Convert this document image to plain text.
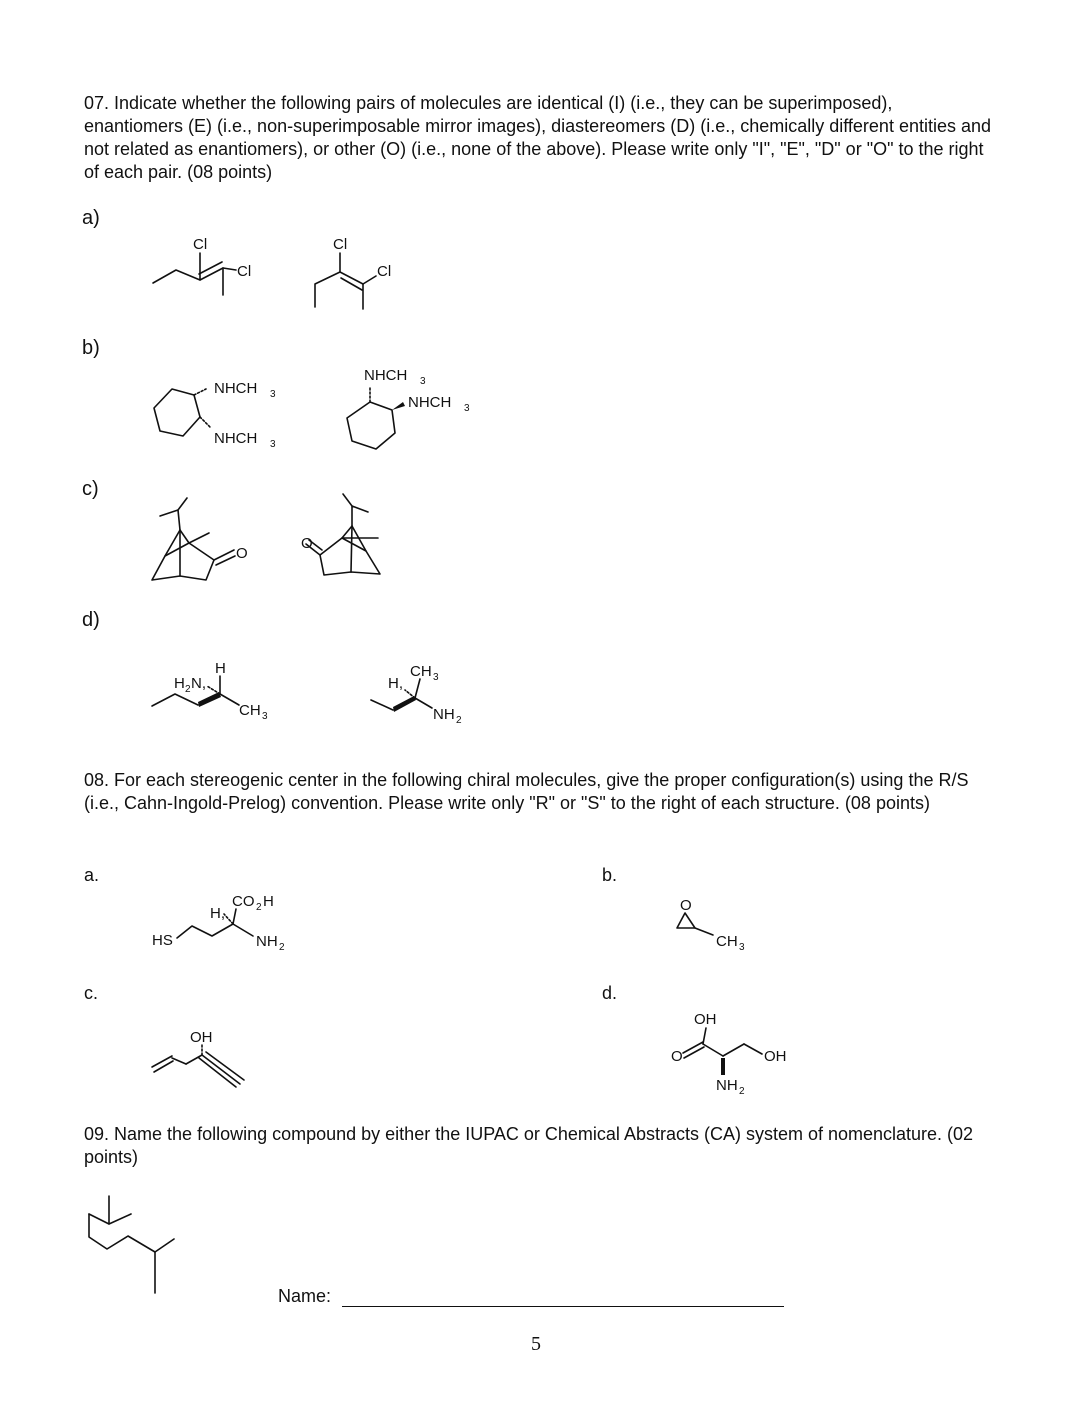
07. Indicate whether the following pairs of molecules are identical (I) (i.e., they can be superimposed), enantiomers (E) (i.e., non-superimposable mirror images), diastereomers (D) (i.e., chemically different entities and not related as enantiomers), or other (O) (i.e., none of the above). Please write only "I", "E", "D" or "O" to the right of each pair. (08 points)

a)
b)
c)
d)

08. For each stereogenic center in the following chiral molecules, give the proper configuration(s) using the R/S (i.e., Cahn-Ingold-Prelog) convention. Please write only "R" or "S" to the right of each structure. (08 points)

a.	b.
c.	d.

09. Name the following compound by either the IUPAC or Chemical Abstracts (CA) system of nomenclature. (02 points)

Name:
5
Cl
Cl
Cl
Cl
NHCH 3
NHCH 3
NHCH 3
NHCH 3
O
O
H
H 2 N,
CH 3
H,
CH 3
NH 2
HS
H,
CO 2 H
NH 2
O
CH 3
OH
O
OH
OH
NH 2
